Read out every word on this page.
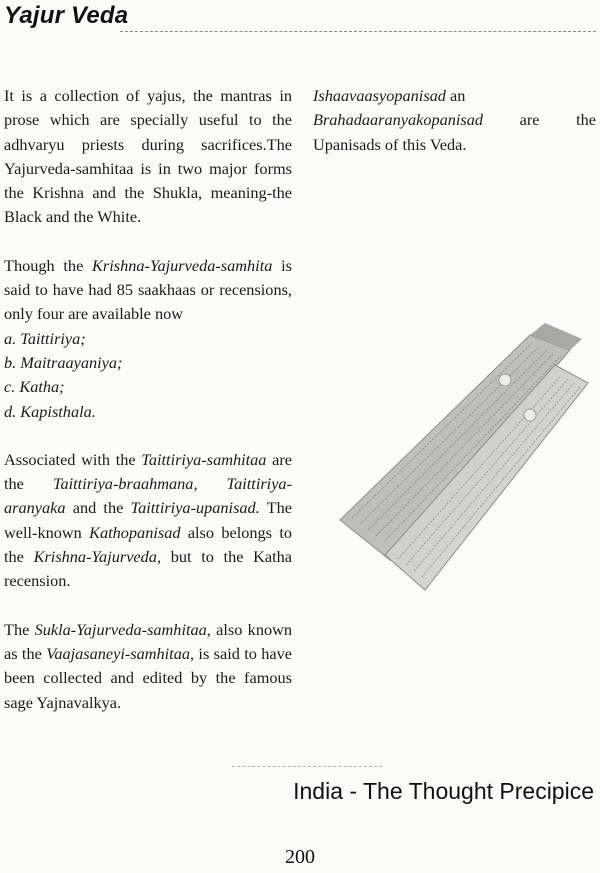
Yajur Veda

It is a collection of yajus, the mantras in prose which are specially useful to the adhvaryu priests during sacrifices.The Yajurveda-samhitaa is in two major forms the Krishna and the Shukla, meaning-the Black and the White.

Though the Krishna-Yajurveda-samhita is said to have had 85 saakhaas or recensions, only four are available now

a. Taittiriya;
b. Maitraayaniya;
c. Katha;
d. Kapisthala.

Associated with the Taittiriya-samhitaa are the Taittiriya-braahmana, Taittiriya-aranyaka and the Taittiriya-upanisad. The well-known Kathopanisad also belongs to the Krishna-Yajurveda, but to the Katha recension.

The Sukla-Yajurveda-samhitaa, also known as the Vaajasaneyi-samhitaa, is said to have been collected and edited by the famous sage Yajnavalkya.

Ishaavaasyopanisad an
Brahadaaranyakopanisad are the
Upanisads of this Veda.

India - The Thought Precipice
200
